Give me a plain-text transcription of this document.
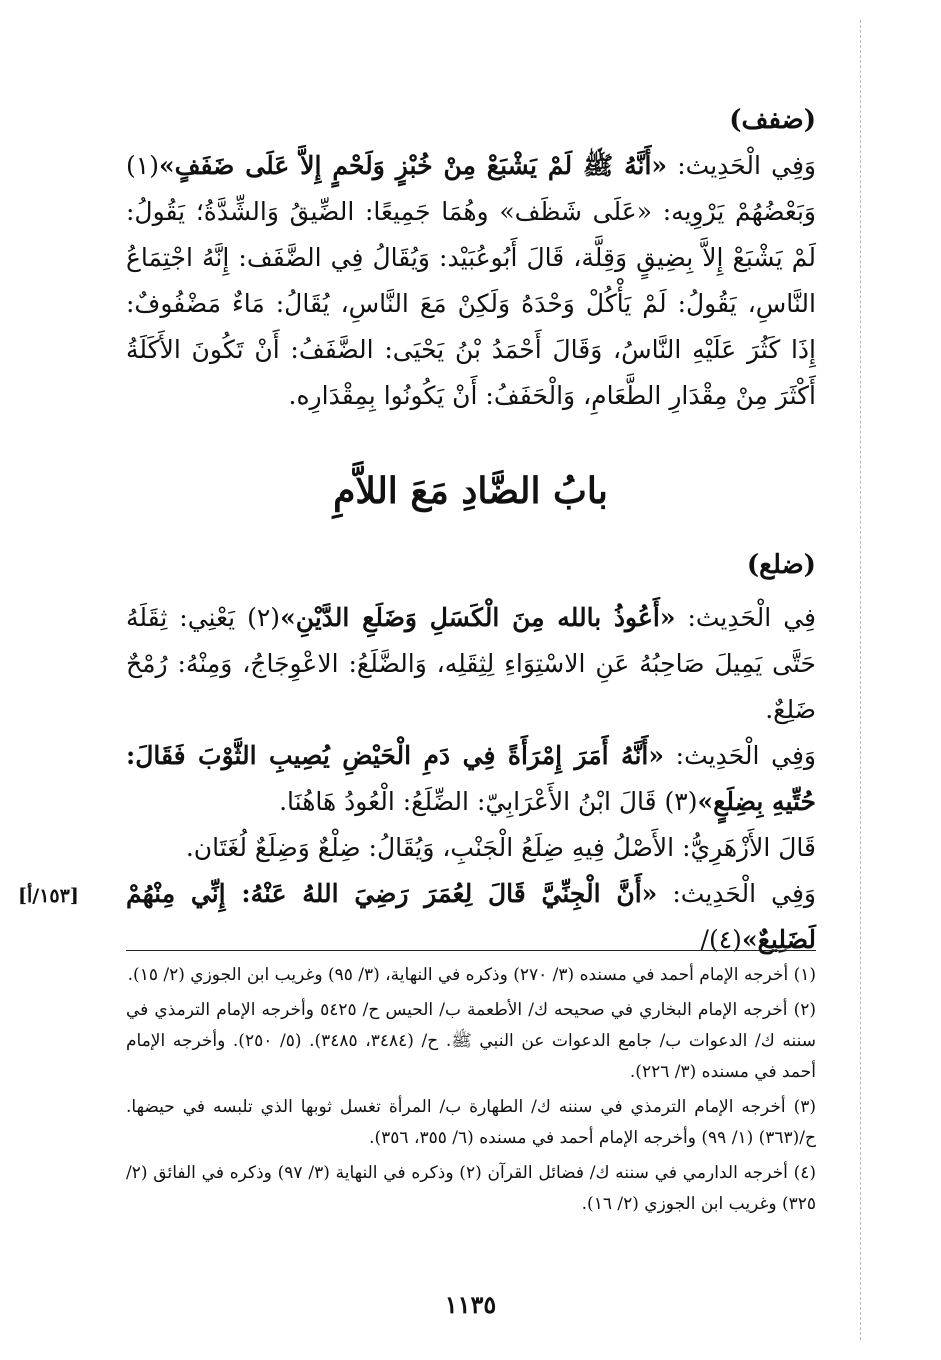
(ضفف)

وَفِي الْحَدِيث: «أَنَّهُ ﷺ لَمْ يَشْبَعْ مِنْ خُبْزٍ وَلَحْمٍ إِلاَّ عَلَى ضَفَفٍ»(١) وَبَعْضُهُمْ يَرْوِيه: «عَلَى شَظَف» وهُمَا جَمِيعًا: الضِّيقُ وَالشِّدَّةُ؛ يَقُولُ: لَمْ يَشْبَعْ إِلاَّ بِضِيقٍ وَقِلَّة، قَالَ أَبُوعُبَيْد: وَيُقَالُ فِي الضَّفَف: إِنَّهُ اجْتِمَاعُ النَّاسِ، يَقُولُ: لَمْ يَأْكُلْ وَحْدَهُ وَلَكِنْ مَعَ النَّاسِ، يُقَالُ: مَاءٌ مَضْفُوفٌ: إِذَا كَثُرَ عَلَيْهِ النَّاسُ، وَقَالَ أَحْمَدُ بْنُ يَحْيَى: الضَّفَفُ: أَنْ تَكُونَ الأَكَلَةُ أَكْثَرَ مِنْ مِقْدَارِ الطَّعَامِ، وَالْحَفَفُ: أَنْ يَكُونُوا بِمِقْدَارِه.

بابُ الضَّادِ مَعَ اللاَّمِ
(ضلع)

فِي الْحَدِيث: «أَعُوذُ بالله مِنَ الْكَسَلِ وَضَلَعِ الدَّيْنِ»(٢) يَعْنِي: ثِقَلَهُ حَتَّى يَمِيلَ صَاحِبُهُ عَنِ الاسْتِوَاءِ لِثِقَلِه، وَالضَّلَعُ: الاعْوِجَاجُ، وَمِنْهُ: رُمْحٌ ضَلِعٌ.

وَفِي الْحَدِيث: «أَنَّهُ أَمَرَ إِمْرَأَةً فِي دَمِ الْحَيْضِ يُصِيبِ الثَّوْبَ فَقَالَ: حُتِّيهِ بِضِلَعٍ»(٣) قَالَ ابْنُ الأَعْرَابِيّ: الضِّلَعُ: الْعُودُ هَاهُنَا.

قَالَ الأَزْهَرِيُّ: الأَصْلُ فِيهِ ضِلَعُ الْجَنْبِ، وَيُقَالُ: ضِلْعٌ وَضِلَعٌ لُغَتَان.

وَفِي الْحَدِيث: «أَنَّ الْجِنِّيَّ قَالَ لِعُمَرَ رَضِيَ اللهُ عَنْهُ: إِنِّي مِنْهُمْ لَضَلِيعٌ»(٤)/

[١٥٣/أ]

(١) أخرجه الإمام أحمد في مسنده (٣/ ٢٧٠) وذكره في النهاية، (٣/ ٩٥) وغريب ابن الجوزي (٢/ ١٥).

(٢) أخرجه الإمام البخاري في صحيحه ك/ الأطعمة ب/ الحيس ح/ ٥٤٢٥ وأخرجه الإمام الترمذي في سننه ك/ الدعوات ب/ جامع الدعوات عن النبي ﷺ. ح/ (٣٤٨٤، ٣٤٨٥). (٥/ ٢٥٠). وأخرجه الإمام أحمد في مسنده (٣/ ٢٢٦).

(٣) أخرجه الإمام الترمذي في سننه ك/ الطهارة ب/ المرأة تغسل ثوبها الذي تلبسه في حيضها. ح/(٣٦٣) (١/ ٩٩) وأخرجه الإمام أحمد في مسنده (٦/ ٣٥٥، ٣٥٦).

(٤) أخرجه الدارمي في سننه ك/ فضائل القرآن (٢) وذكره في النهاية (٣/ ٩٧) وذكره في الفائق (٢/ ٣٢٥) وغريب ابن الجوزي (٢/ ١٦).

١١٣٥
